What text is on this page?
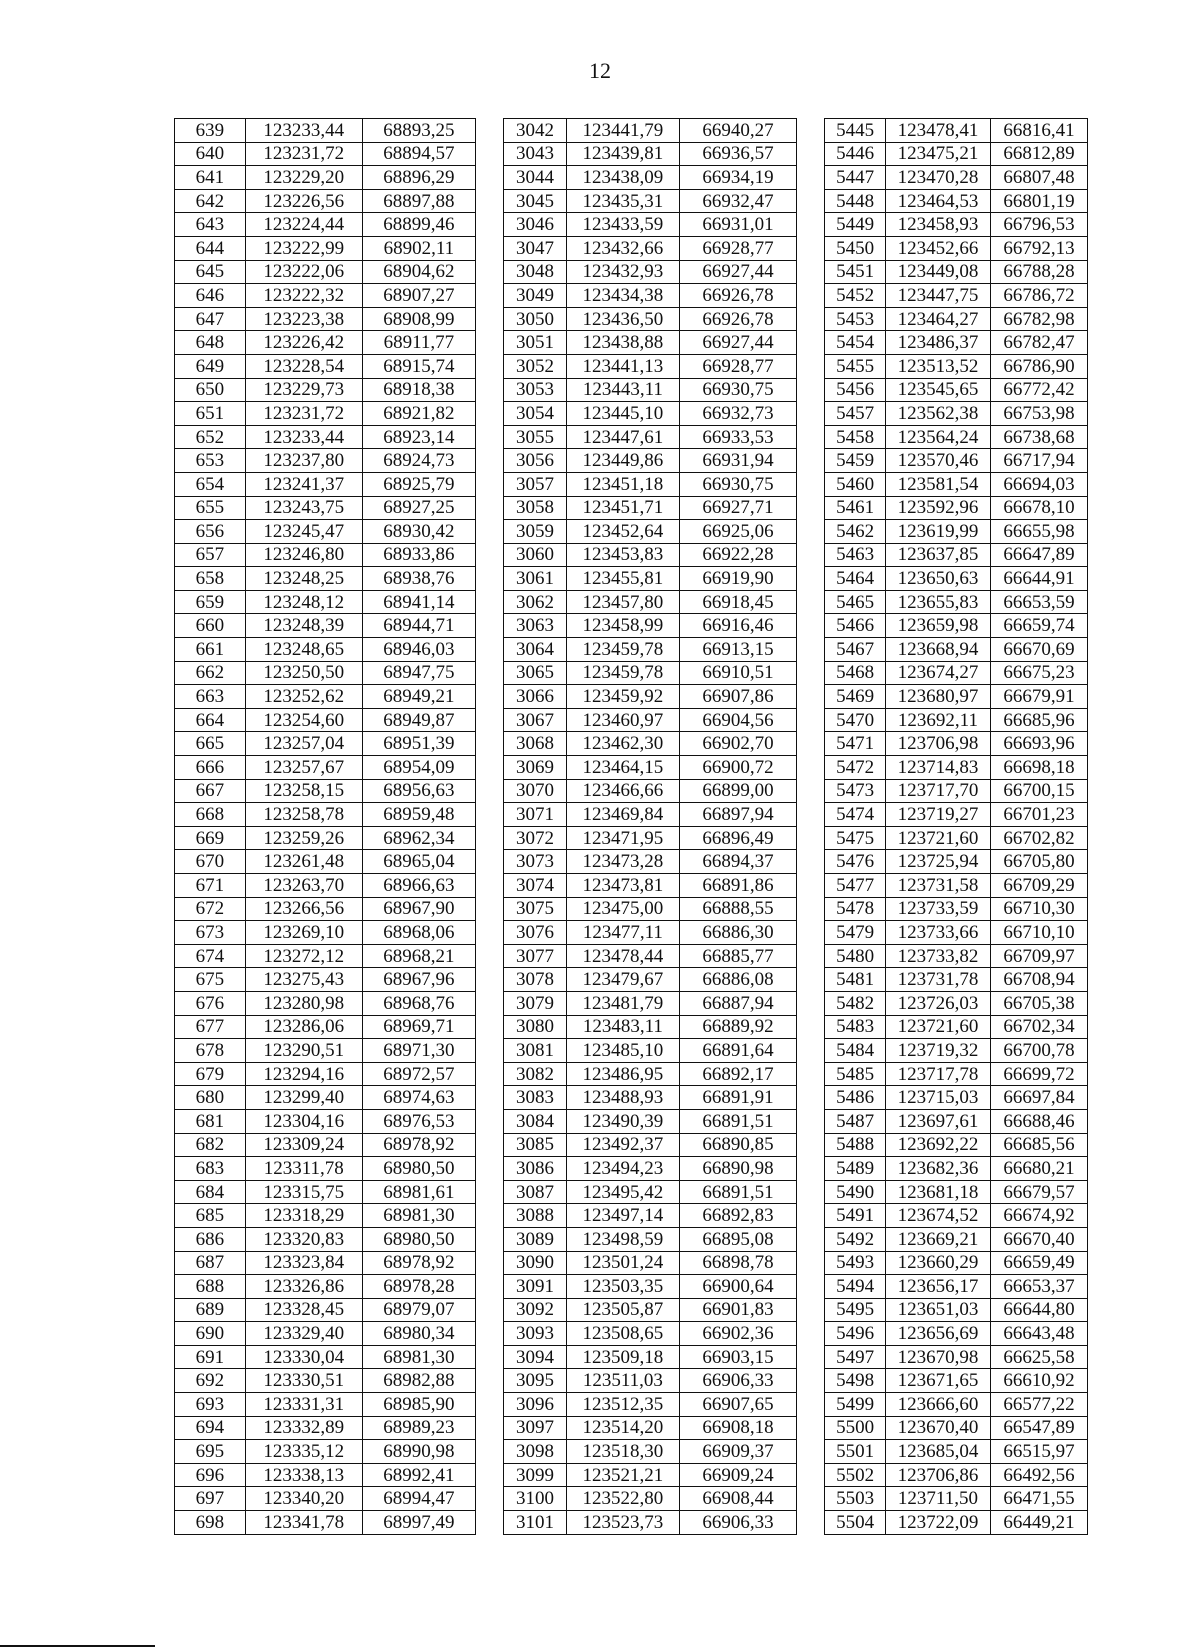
12
639	123233,44	68893,25		3042	123441,79	66940,27		5445	123478,41	66816,41
640	123231,72	68894,57		3043	123439,81	66936,57		5446	123475,21	66812,89
641	123229,20	68896,29		3044	123438,09	66934,19		5447	123470,28	66807,48
642	123226,56	68897,88		3045	123435,31	66932,47		5448	123464,53	66801,19
643	123224,44	68899,46		3046	123433,59	66931,01		5449	123458,93	66796,53
644	123222,99	68902,11		3047	123432,66	66928,77		5450	123452,66	66792,13
645	123222,06	68904,62		3048	123432,93	66927,44		5451	123449,08	66788,28
646	123222,32	68907,27		3049	123434,38	66926,78		5452	123447,75	66786,72
647	123223,38	68908,99		3050	123436,50	66926,78		5453	123464,27	66782,98
648	123226,42	68911,77		3051	123438,88	66927,44		5454	123486,37	66782,47
649	123228,54	68915,74		3052	123441,13	66928,77		5455	123513,52	66786,90
650	123229,73	68918,38		3053	123443,11	66930,75		5456	123545,65	66772,42
651	123231,72	68921,82		3054	123445,10	66932,73		5457	123562,38	66753,98
652	123233,44	68923,14		3055	123447,61	66933,53		5458	123564,24	66738,68
653	123237,80	68924,73		3056	123449,86	66931,94		5459	123570,46	66717,94
654	123241,37	68925,79		3057	123451,18	66930,75		5460	123581,54	66694,03
655	123243,75	68927,25		3058	123451,71	66927,71		5461	123592,96	66678,10
656	123245,47	68930,42		3059	123452,64	66925,06		5462	123619,99	66655,98
657	123246,80	68933,86		3060	123453,83	66922,28		5463	123637,85	66647,89
658	123248,25	68938,76		3061	123455,81	66919,90		5464	123650,63	66644,91
659	123248,12	68941,14		3062	123457,80	66918,45		5465	123655,83	66653,59
660	123248,39	68944,71		3063	123458,99	66916,46		5466	123659,98	66659,74
661	123248,65	68946,03		3064	123459,78	66913,15		5467	123668,94	66670,69
662	123250,50	68947,75		3065	123459,78	66910,51		5468	123674,27	66675,23
663	123252,62	68949,21		3066	123459,92	66907,86		5469	123680,97	66679,91
664	123254,60	68949,87		3067	123460,97	66904,56		5470	123692,11	66685,96
665	123257,04	68951,39		3068	123462,30	66902,70		5471	123706,98	66693,96
666	123257,67	68954,09		3069	123464,15	66900,72		5472	123714,83	66698,18
667	123258,15	68956,63		3070	123466,66	66899,00		5473	123717,70	66700,15
668	123258,78	68959,48		3071	123469,84	66897,94		5474	123719,27	66701,23
669	123259,26	68962,34		3072	123471,95	66896,49		5475	123721,60	66702,82
670	123261,48	68965,04		3073	123473,28	66894,37		5476	123725,94	66705,80
671	123263,70	68966,63		3074	123473,81	66891,86		5477	123731,58	66709,29
672	123266,56	68967,90		3075	123475,00	66888,55		5478	123733,59	66710,30
673	123269,10	68968,06		3076	123477,11	66886,30		5479	123733,66	66710,10
674	123272,12	68968,21		3077	123478,44	66885,77		5480	123733,82	66709,97
675	123275,43	68967,96		3078	123479,67	66886,08		5481	123731,78	66708,94
676	123280,98	68968,76		3079	123481,79	66887,94		5482	123726,03	66705,38
677	123286,06	68969,71		3080	123483,11	66889,92		5483	123721,60	66702,34
678	123290,51	68971,30		3081	123485,10	66891,64		5484	123719,32	66700,78
679	123294,16	68972,57		3082	123486,95	66892,17		5485	123717,78	66699,72
680	123299,40	68974,63		3083	123488,93	66891,91		5486	123715,03	66697,84
681	123304,16	68976,53		3084	123490,39	66891,51		5487	123697,61	66688,46
682	123309,24	68978,92		3085	123492,37	66890,85		5488	123692,22	66685,56
683	123311,78	68980,50		3086	123494,23	66890,98		5489	123682,36	66680,21
684	123315,75	68981,61		3087	123495,42	66891,51		5490	123681,18	66679,57
685	123318,29	68981,30		3088	123497,14	66892,83		5491	123674,52	66674,92
686	123320,83	68980,50		3089	123498,59	66895,08		5492	123669,21	66670,40
687	123323,84	68978,92		3090	123501,24	66898,78		5493	123660,29	66659,49
688	123326,86	68978,28		3091	123503,35	66900,64		5494	123656,17	66653,37
689	123328,45	68979,07		3092	123505,87	66901,83		5495	123651,03	66644,80
690	123329,40	68980,34		3093	123508,65	66902,36		5496	123656,69	66643,48
691	123330,04	68981,30		3094	123509,18	66903,15		5497	123670,98	66625,58
692	123330,51	68982,88		3095	123511,03	66906,33		5498	123671,65	66610,92
693	123331,31	68985,90		3096	123512,35	66907,65		5499	123666,60	66577,22
694	123332,89	68989,23		3097	123514,20	66908,18		5500	123670,40	66547,89
695	123335,12	68990,98		3098	123518,30	66909,37		5501	123685,04	66515,97
696	123338,13	68992,41		3099	123521,21	66909,24		5502	123706,86	66492,56
697	123340,20	68994,47		3100	123522,80	66908,44		5503	123711,50	66471,55
698	123341,78	68997,49		3101	123523,73	66906,33		5504	123722,09	66449,21
